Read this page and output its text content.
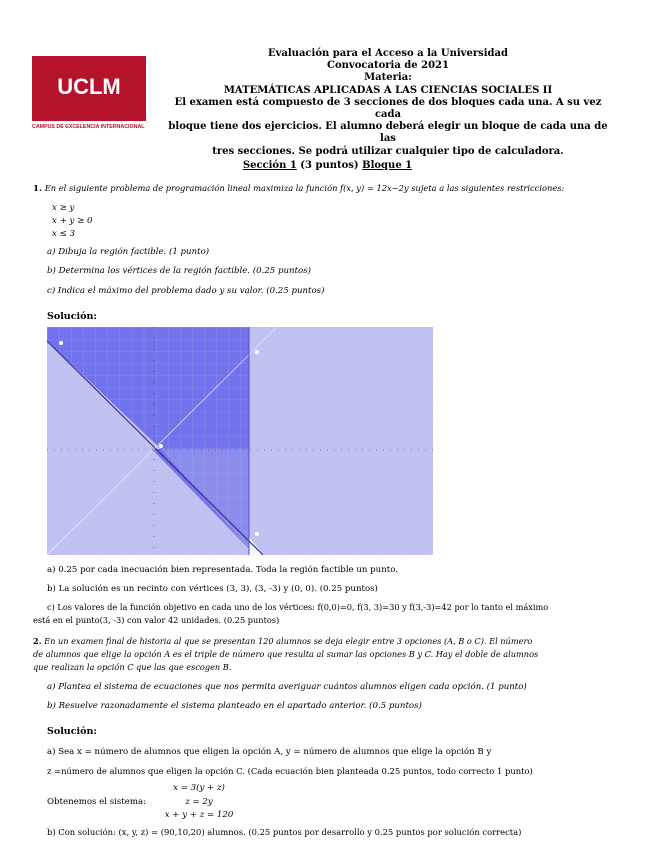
UCLM
CAMPUS DE EXCELENCIA INTERNACIONAL
Evaluación para el Acceso a la Universidad
Convocatoria de 2021
Materia:
MATEMÁTICAS APLICADAS A LAS CIENCIAS SOCIALES II
El examen está compuesto de 3 secciones de dos bloques cada una. A su vez cada
bloque tiene dos ejercicios. El alumno deberá elegir un bloque de cada una de las
tres secciones. Se podrá utilizar cualquier tipo de calculadora.
Sección 1 (3 puntos) Bloque 1
1. En el siguiente problema de programación lineal maximiza la función f(x, y) = 12x−2y sujeta a las siguientes restricciones:
x ≥ y
x + y ≥ 0
x ≤ 3
a) Dibuja la región factible. (1 punto)
b) Determina los vértices de la región factible. (0.25 puntos)
c) Indica el máximo del problema dado y su valor. (0.25 puntos)
Solución:
a) 0.25 por cada inecuación bien representada. Toda la región factible un punto.
b) La solución es un recinto con vértices (3, 3), (3, -3) y (0, 0). (0.25 puntos)
c) Los valores de la función objetivo en cada uno de los vértices: f(0,0)=0, f(3, 3)=30 y f(3,-3)=42 por lo tanto el máximo
está en el punto(3, -3) con valor 42 unidades. (0.25 puntos)
2. En un examen final de historia al que se presentan 120 alumnos se deja elegir entre 3 opciones (A, B o C). El número
de alumnos que elige la opción A es el triple de número que resulta al sumar las opciones B y C. Hay el doble de alumnos
que realizan la opción C que las que escogen B.
a) Plantea el sistema de ecuaciones que nos permita averiguar cuántos alumnos eligen cada opción. (1 punto)
b) Resuelve razonadamente el sistema planteado en el apartado anterior. (0.5 puntos)
Solución:
a) Sea x = número de alumnos que eligen la opción A, y = número de alumnos que elige la opción B y
z =número de alumnos que eligen la opción C. (Cada ecuación bien planteada 0.25 puntos, todo correcto 1 punto)
Obtenemos el sistema:
x = 3(y + z)
z = 2y
x + y + z = 120
b) Con solución: (x, y, z) = (90,10,20) alumnos. (0.25 puntos por desarrollo y 0.25 puntos por solución correcta)
